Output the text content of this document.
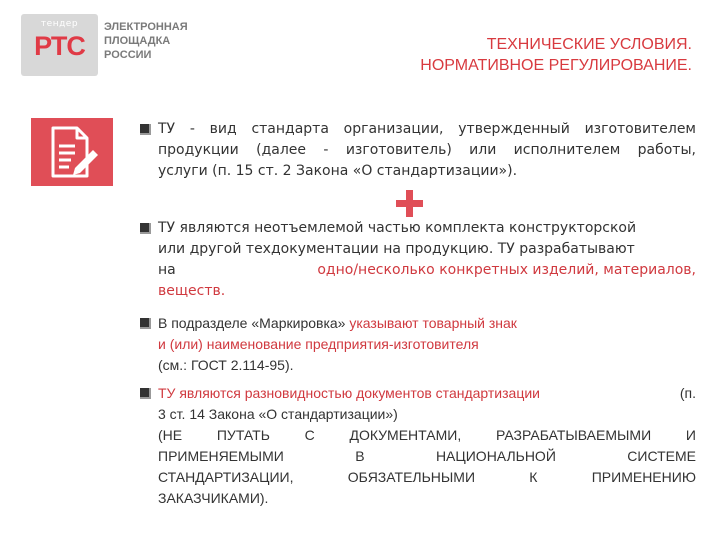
тендер
РТС
ЭЛЕКТРОННАЯ
ПЛОЩАДКА
РОССИИ
ТЕХНИЧЕСКИЕ УСЛОВИЯ.
НОРМАТИВНОЕ РЕГУЛИРОВАНИЕ.
ТУ - вид стандарта организации, утвержденный изготовителем
продукции (далее - изготовитель) или исполнителем работы,
услуги (п. 15 ст. 2 Закона «О стандартизации»).
ТУ являются неотъемлемой частью комплекта конструкторской
или другой техдокументации на продукцию. ТУ разрабатывают
на	одно/несколько конкретных изделий, материалов,
веществ.
В подразделе «Маркировка» указывают товарный знак
и (или) наименование предприятия-изготовителя
(см.: ГОСТ 2.114-95).
ТУ являются разновидностью документов стандартизации	(п.
3 ст. 14 Закона «О стандартизации»)
(НЕ ПУТАТЬ С ДОКУМЕНТАМИ, РАЗРАБАТЫВАЕМЫМИ И
ПРИМЕНЯЕМЫМИ	В	НАЦИОНАЛЬНОЙ	СИСТЕМЕ
СТАНДАРТИЗАЦИИ,	ОБЯЗАТЕЛЬНЫМИ	К	ПРИМЕНЕНИЮ
ЗАКАЗЧИКАМИ).
